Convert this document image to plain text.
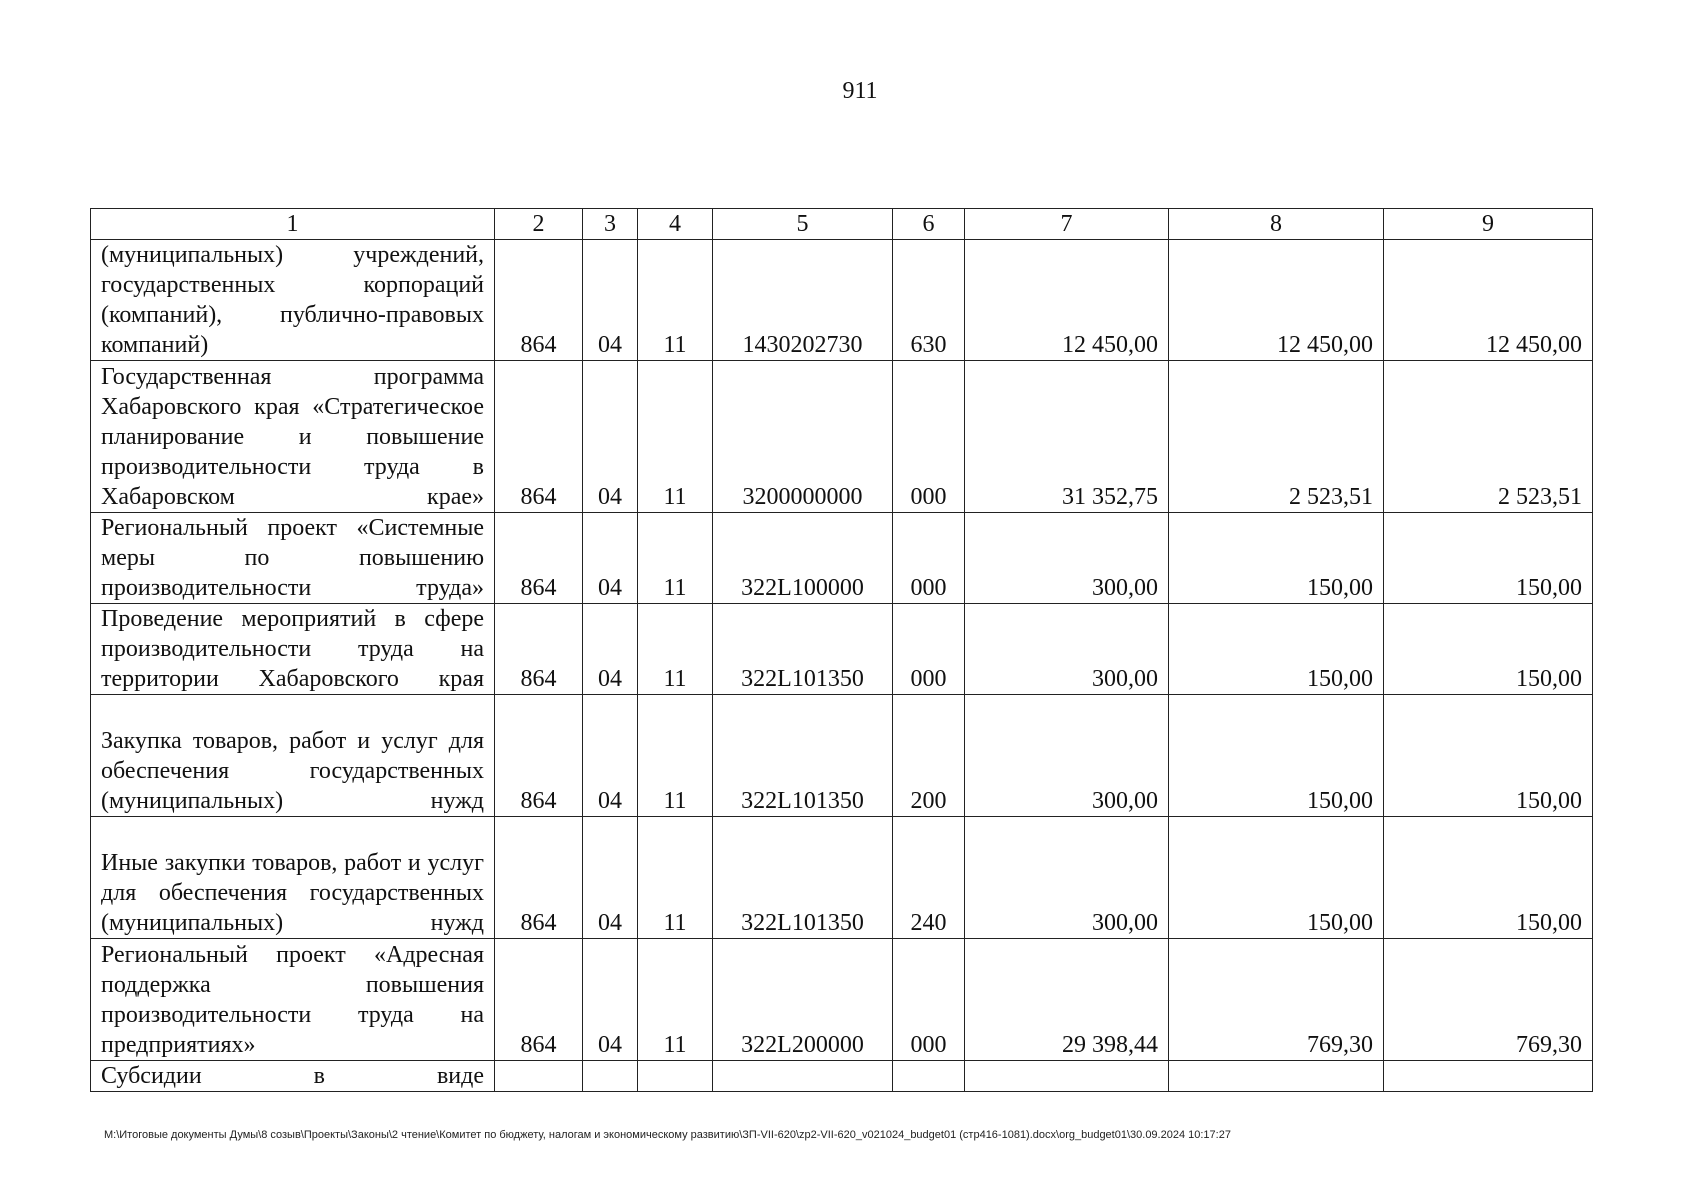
911
1	2	3	4	5	6	7	8	9
(муниципальных) учреждений, государственных корпораций (компаний), публично-правовых компаний)	864	04	11	1430202730	630	12 450,00	12 450,00	12 450,00
Государственная программа Хабаровского края «Стратегическое планирование и повышение производительности труда в Хабаровском крае»	864	04	11	3200000000	000	31 352,75	2 523,51	2 523,51
Региональный проект «Системные меры по повышению производительности труда»	864	04	11	322L100000	000	300,00	150,00	150,00
Проведение мероприятий в сфере производительности труда на территории Хабаровского края	864	04	11	322L101350	000	300,00	150,00	150,00
Закупка товаров, работ и услуг для обеспечения государственных (муниципальных) нужд	864	04	11	322L101350	200	300,00	150,00	150,00
Иные закупки товаров, работ и услуг для обеспечения государственных (муниципальных) нужд	864	04	11	322L101350	240	300,00	150,00	150,00
Региональный проект «Адресная поддержка повышения производительности труда на предприятиях»	864	04	11	322L200000	000	29 398,44	769,30	769,30
Субсидии в виде								
M:\Итоговые документы Думы\8 созыв\Проекты\Законы\2 чтение\Комитет по бюджету, налогам и экономическому развитию\ЗП-VII-620\zp2-VII-620_v021024_budget01 (стр416-1081).docx\org_budget01\30.09.2024 10:17:27
